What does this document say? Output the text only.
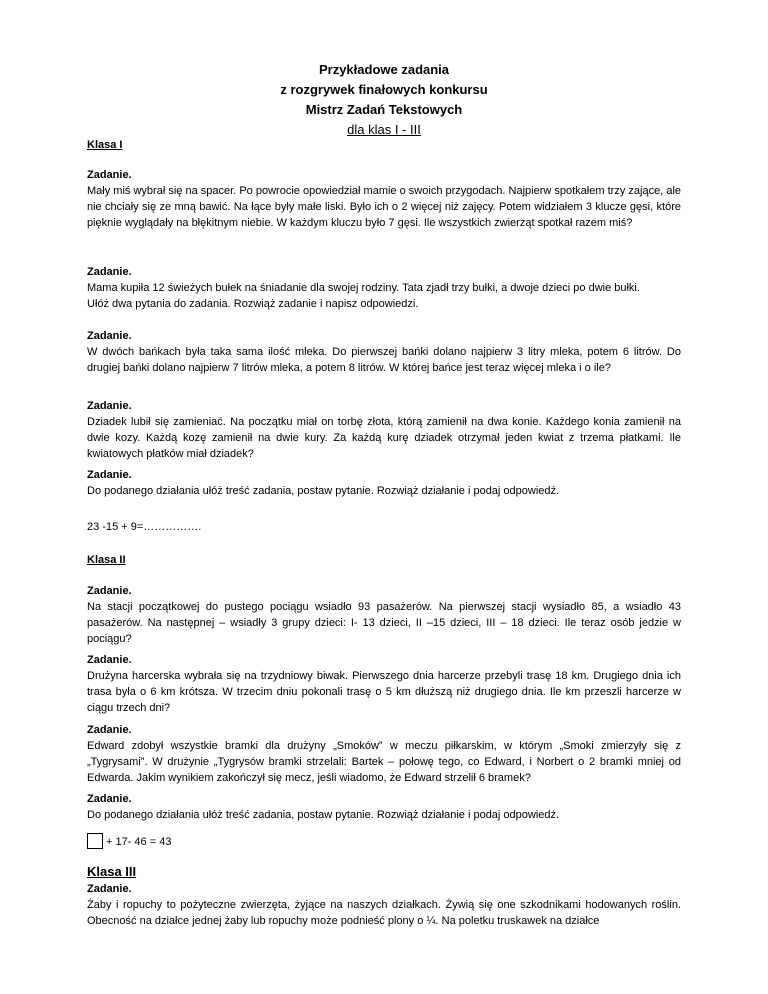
Przykładowe zadania
z rozgrywek finałowych konkursu
Mistrz Zadań Tekstowych
dla klas I - III
Klasa I
Zadanie.

Mały miś wybrał się na spacer. Po powrocie opowiedział mamie o swoich przygodach. Najpierw spotkałem trzy zające, ale nie chciały się ze mną bawić. Na łące były małe liski. Było ich o 2 więcej niż zajęcy. Potem widziałem 3 klucze gęsi, które pięknie wyglądały na błękitnym niebie. W każdym kluczu było 7 gęsi. Ile wszystkich zwierząt spotkał razem miś?

Zadanie.

Mama kupiła 12 świeżych bułek na śniadanie dla swojej rodziny. Tata zjadł trzy bułki, a dwoje dzieci po dwie bułki.

Ułóż dwa pytania do zadania. Rozwiąż zadanie i napisz odpowiedzi.

Zadanie.

W dwóch bańkach była taka sama ilość mleka. Do pierwszej bańki dolano najpierw 3 litry mleka, potem 6 litrów. Do drugiej bańki dolano najpierw 7 litrów mleka, a potem 8 litrów. W której bańce jest teraz więcej mleka i o ile?

Zadanie.

Dziadek lubił się zamieniać. Na początku miał on torbę złota, którą zamienił na dwa konie. Każdego konia zamienił na dwie kozy. Każdą kozę zamienił na dwie kury. Za każdą kurę dziadek otrzymał jeden kwiat z trzema płatkami. Ile kwiatowych płatków miał dziadek?

Zadanie.

Do podanego działania ułóż treść zadania, postaw pytanie. Rozwiąż działanie i podaj odpowiedź.

23 -15 + 9=…………….
Klasa II
Zadanie.

Na stacji początkowej do pustego pociągu wsiadło 93 pasażerów. Na pierwszej stacji wysiadło 85, a wsiadło 43 pasażerów. Na następnej – wsiadły 3 grupy dzieci: I- 13 dzieci, II –15 dzieci, III – 18 dzieci. Ile teraz osób jedzie w pociągu?

Zadanie.

Drużyna harcerska wybrała się na trzydniowy biwak. Pierwszego dnia harcerze przebyli trasę 18 km. Drugiego dnia ich trasa była o 6 km krótsza. W trzecim dniu pokonali trasę o 5 km dłuższą niż drugiego dnia. Ile km przeszli harcerze w ciągu trzech dni?

Zadanie.

Edward zdobył wszystkie bramki dla drużyny „Smoków” w meczu piłkarskim, w którym „Smoki zmierzyły się z „Tygrysami”. W drużynie „Tygrysów bramki strzelali: Bartek – połowę tego, co Edward, i Norbert o 2 bramki mniej od Edwarda. Jakim wynikiem zakończył się mecz, jeśli wiadomo, że Edward strzelił 6 bramek?

Zadanie.

Do podanego działania ułóż treść zadania, postaw pytanie. Rozwiąż działanie i podaj odpowiedź.

+ 17- 46 = 43
Klasa III
Zadanie.

Żaby i ropuchy to pożyteczne zwierzęta, żyjące na naszych działkach. Żywią się one szkodnikami hodowanych roślin. Obecność na działce jednej żaby lub ropuchy może podnieść plony o ¼. Na poletku truskawek na działce
